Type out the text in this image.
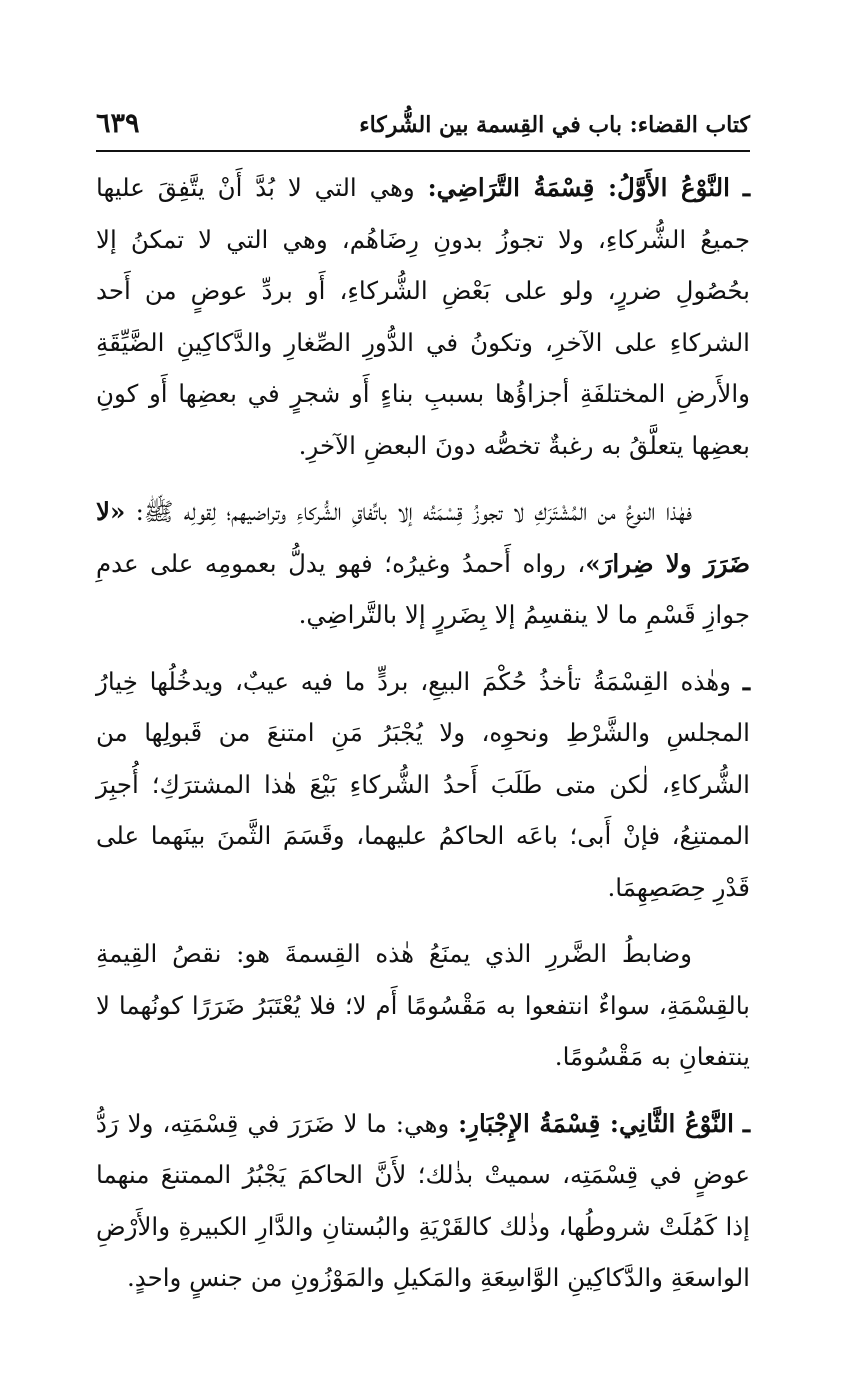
كتاب القضاء: باب في القِسمة بين الشُّركاء
٦٣٩

ـ النَّوْعُ الأَوَّلُ: قِسْمَةُ التَّرَاضِي: وهي التي لا بُدَّ أَنْ يتَّفِقَ عليها جميعُ الشُّركاءِ، ولا تجوزُ بدونِ رِضَاهُم، وهي التي لا تمكنُ إلا بحُصُولِ ضررٍ، ولو على بَعْضِ الشُّركاءِ، أَو بردِّ عوضٍ من أَحد الشركاءِ على الآخرِ، وتكونُ في الدُّورِ الصِّغارِ والدَّكاكِينِ الضَّيِّقَةِ والأَرضِ المختلفَةِ أجزاؤُها بسببِ بناءٍ أَو شجرٍ في بعضِها أَو كونِ بعضِها يتعلَّقُ به رغبةٌ تخصُّه دونَ البعضِ الآخرِ.

فهٰذا النوعُ من المُشْتَرَكِ لا تجوزُ قِسْمَتُه إلا باتِّفاقِ الشُّركاءِ وتراضيهم؛ لِقولِه ﷺ: «لا ضَرَرَ ولا ضِرارَ»، رواه أَحمدُ وغيرُه؛ فهو يدلُّ بعمومِه على عدمِ جوازِ قَسْمِ ما لا ينقسِمُ إلا بِضَررٍ إلا بالتَّراضِي.

ـ وهٰذه القِسْمَةُ تأخذُ حُكْمَ البيعِ، بردٍّ ما فيه عيبٌ، ويدخُلُها خِيارُ المجلسِ والشَّرْطِ ونحوِه، ولا يُجْبَرُ مَنِ امتنعَ من قَبولِها من الشُّركاءِ، لٰكن متى طَلَبَ أَحدُ الشُّركاءِ بَيْعَ هٰذا المشترَكِ؛ أُجبِرَ الممتنِعُ، فإنْ أَبى؛ باعَه الحاكمُ عليهما، وقَسَمَ الثَّمنَ بينَهما على قَدْرِ حِصَصِهِمَا.

وضابطُ الضَّررِ الذي يمنَعُ هٰذه القِسمةَ هو: نقصُ القِيمةِ بالقِسْمَةِ، سواءٌ انتفعوا به مَقْسُومًا أَم لا؛ فلا يُعْتَبَرُ ضَرَرًا كونُهما لا ينتفعانِ به مَقْسُومًا.

ـ النَّوْعُ الثَّانِي: قِسْمَةُ الإِجْبَارِ: وهي: ما لا ضَرَرَ في قِسْمَتِه، ولا رَدُّ عوضٍ في قِسْمَتِه، سميتْ بذٰلك؛ لأَنَّ الحاكمَ يَجْبُرُ الممتنعَ منهما إذا كَمُلَتْ شروطُها، وذٰلك كالقَرْيَةِ والبُستانِ والدَّارِ الكبيرةِ والأَرْضِ الواسعَةِ والدَّكاكِينِ الوَّاسِعَةِ والمَكيلِ والمَوْزُونِ من جنسٍ واحدٍ.
